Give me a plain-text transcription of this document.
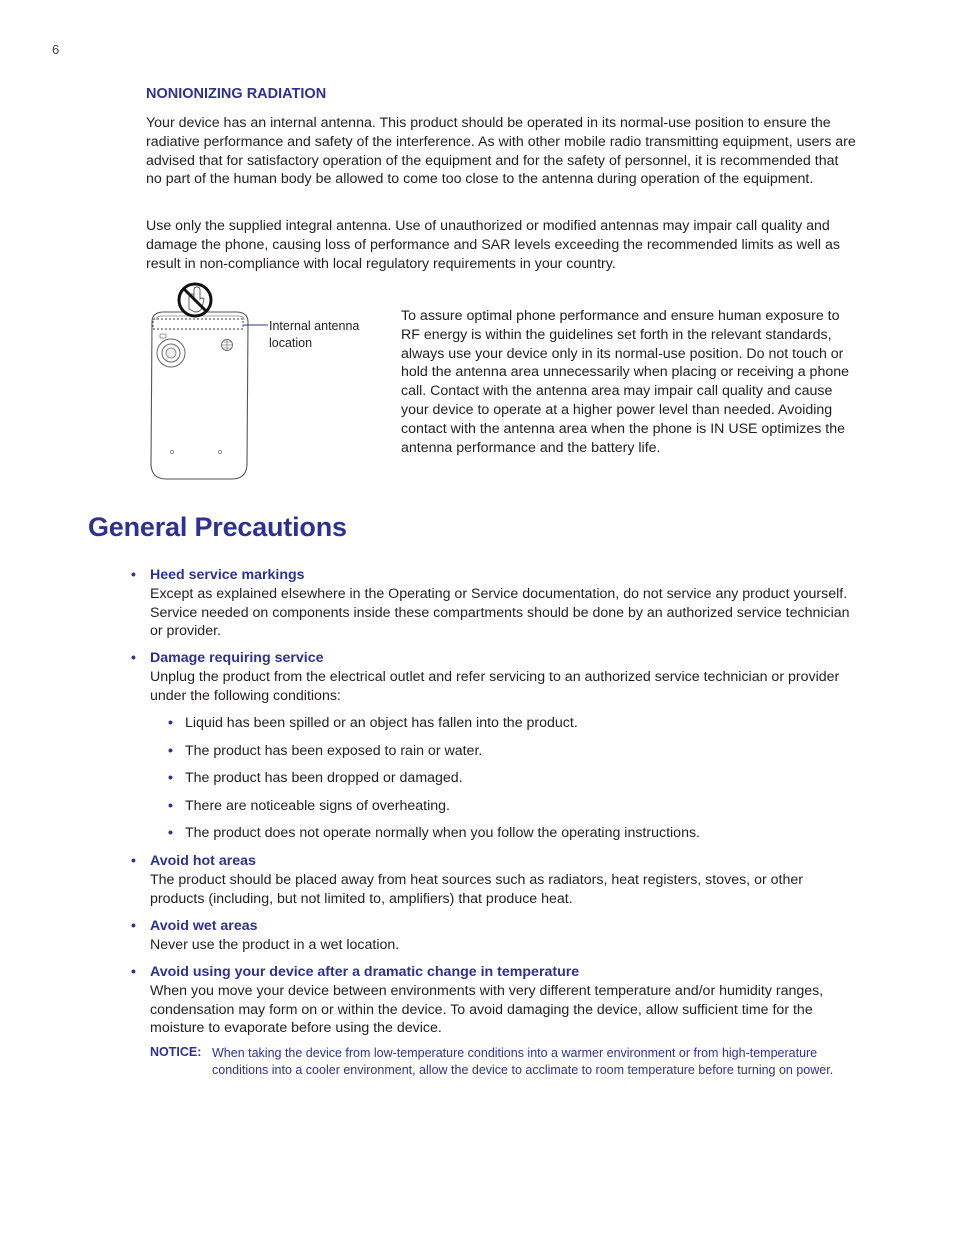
6
NONIONIZING RADIATION

Your device has an internal antenna. This product should be operated in its normal-use position to ensure the radiative performance and safety of the interference. As with other mobile radio transmitting equipment, users are advised that for satisfactory operation of the equipment and for the safety of personnel, it is recommended that no part of the human body be allowed to come too close to the antenna during operation of the equipment.

Use only the supplied integral antenna. Use of unauthorized or modified antennas may impair call quality and damage the phone, causing loss of performance and SAR levels exceeding the recommended limits as well as result in non-compliance with local regulatory requirements in your country.

Internal antenna location

To assure optimal phone performance and ensure human exposure to RF energy is within the guidelines set forth in the relevant standards, always use your device only in its normal-use position. Do not touch or hold the antenna area unnecessarily when placing or receiving a phone call. Contact with the antenna area may impair call quality and cause your device to operate at a higher power level than needed. Avoiding contact with the antenna area when the phone is IN USE optimizes the antenna performance and the battery life.

General Precautions
• Heed service markings

Except as explained elsewhere in the Operating or Service documentation, do not service any product yourself. Service needed on components inside these compartments should be done by an authorized service technician or provider.

• Damage requiring service

Unplug the product from the electrical outlet and refer servicing to an authorized service technician or provider under the following conditions:

• Liquid has been spilled or an object has fallen into the product.
• The product has been exposed to rain or water.
• The product has been dropped or damaged.
• There are noticeable signs of overheating.
• The product does not operate normally when you follow the operating instructions.
• Avoid hot areas

The product should be placed away from heat sources such as radiators, heat registers, stoves, or other products (including, but not limited to, amplifiers) that produce heat.

• Avoid wet areas

Never use the product in a wet location.

• Avoid using your device after a dramatic change in temperature

When you move your device between environments with very different temperature and/or humidity ranges, condensation may form on or within the device. To avoid damaging the device, allow sufficient time for the moisture to evaporate before using the device.

NOTICE: When taking the device from low-temperature conditions into a warmer environment or from high-temperature conditions into a cooler environment, allow the device to acclimate to room temperature before turning on power.
